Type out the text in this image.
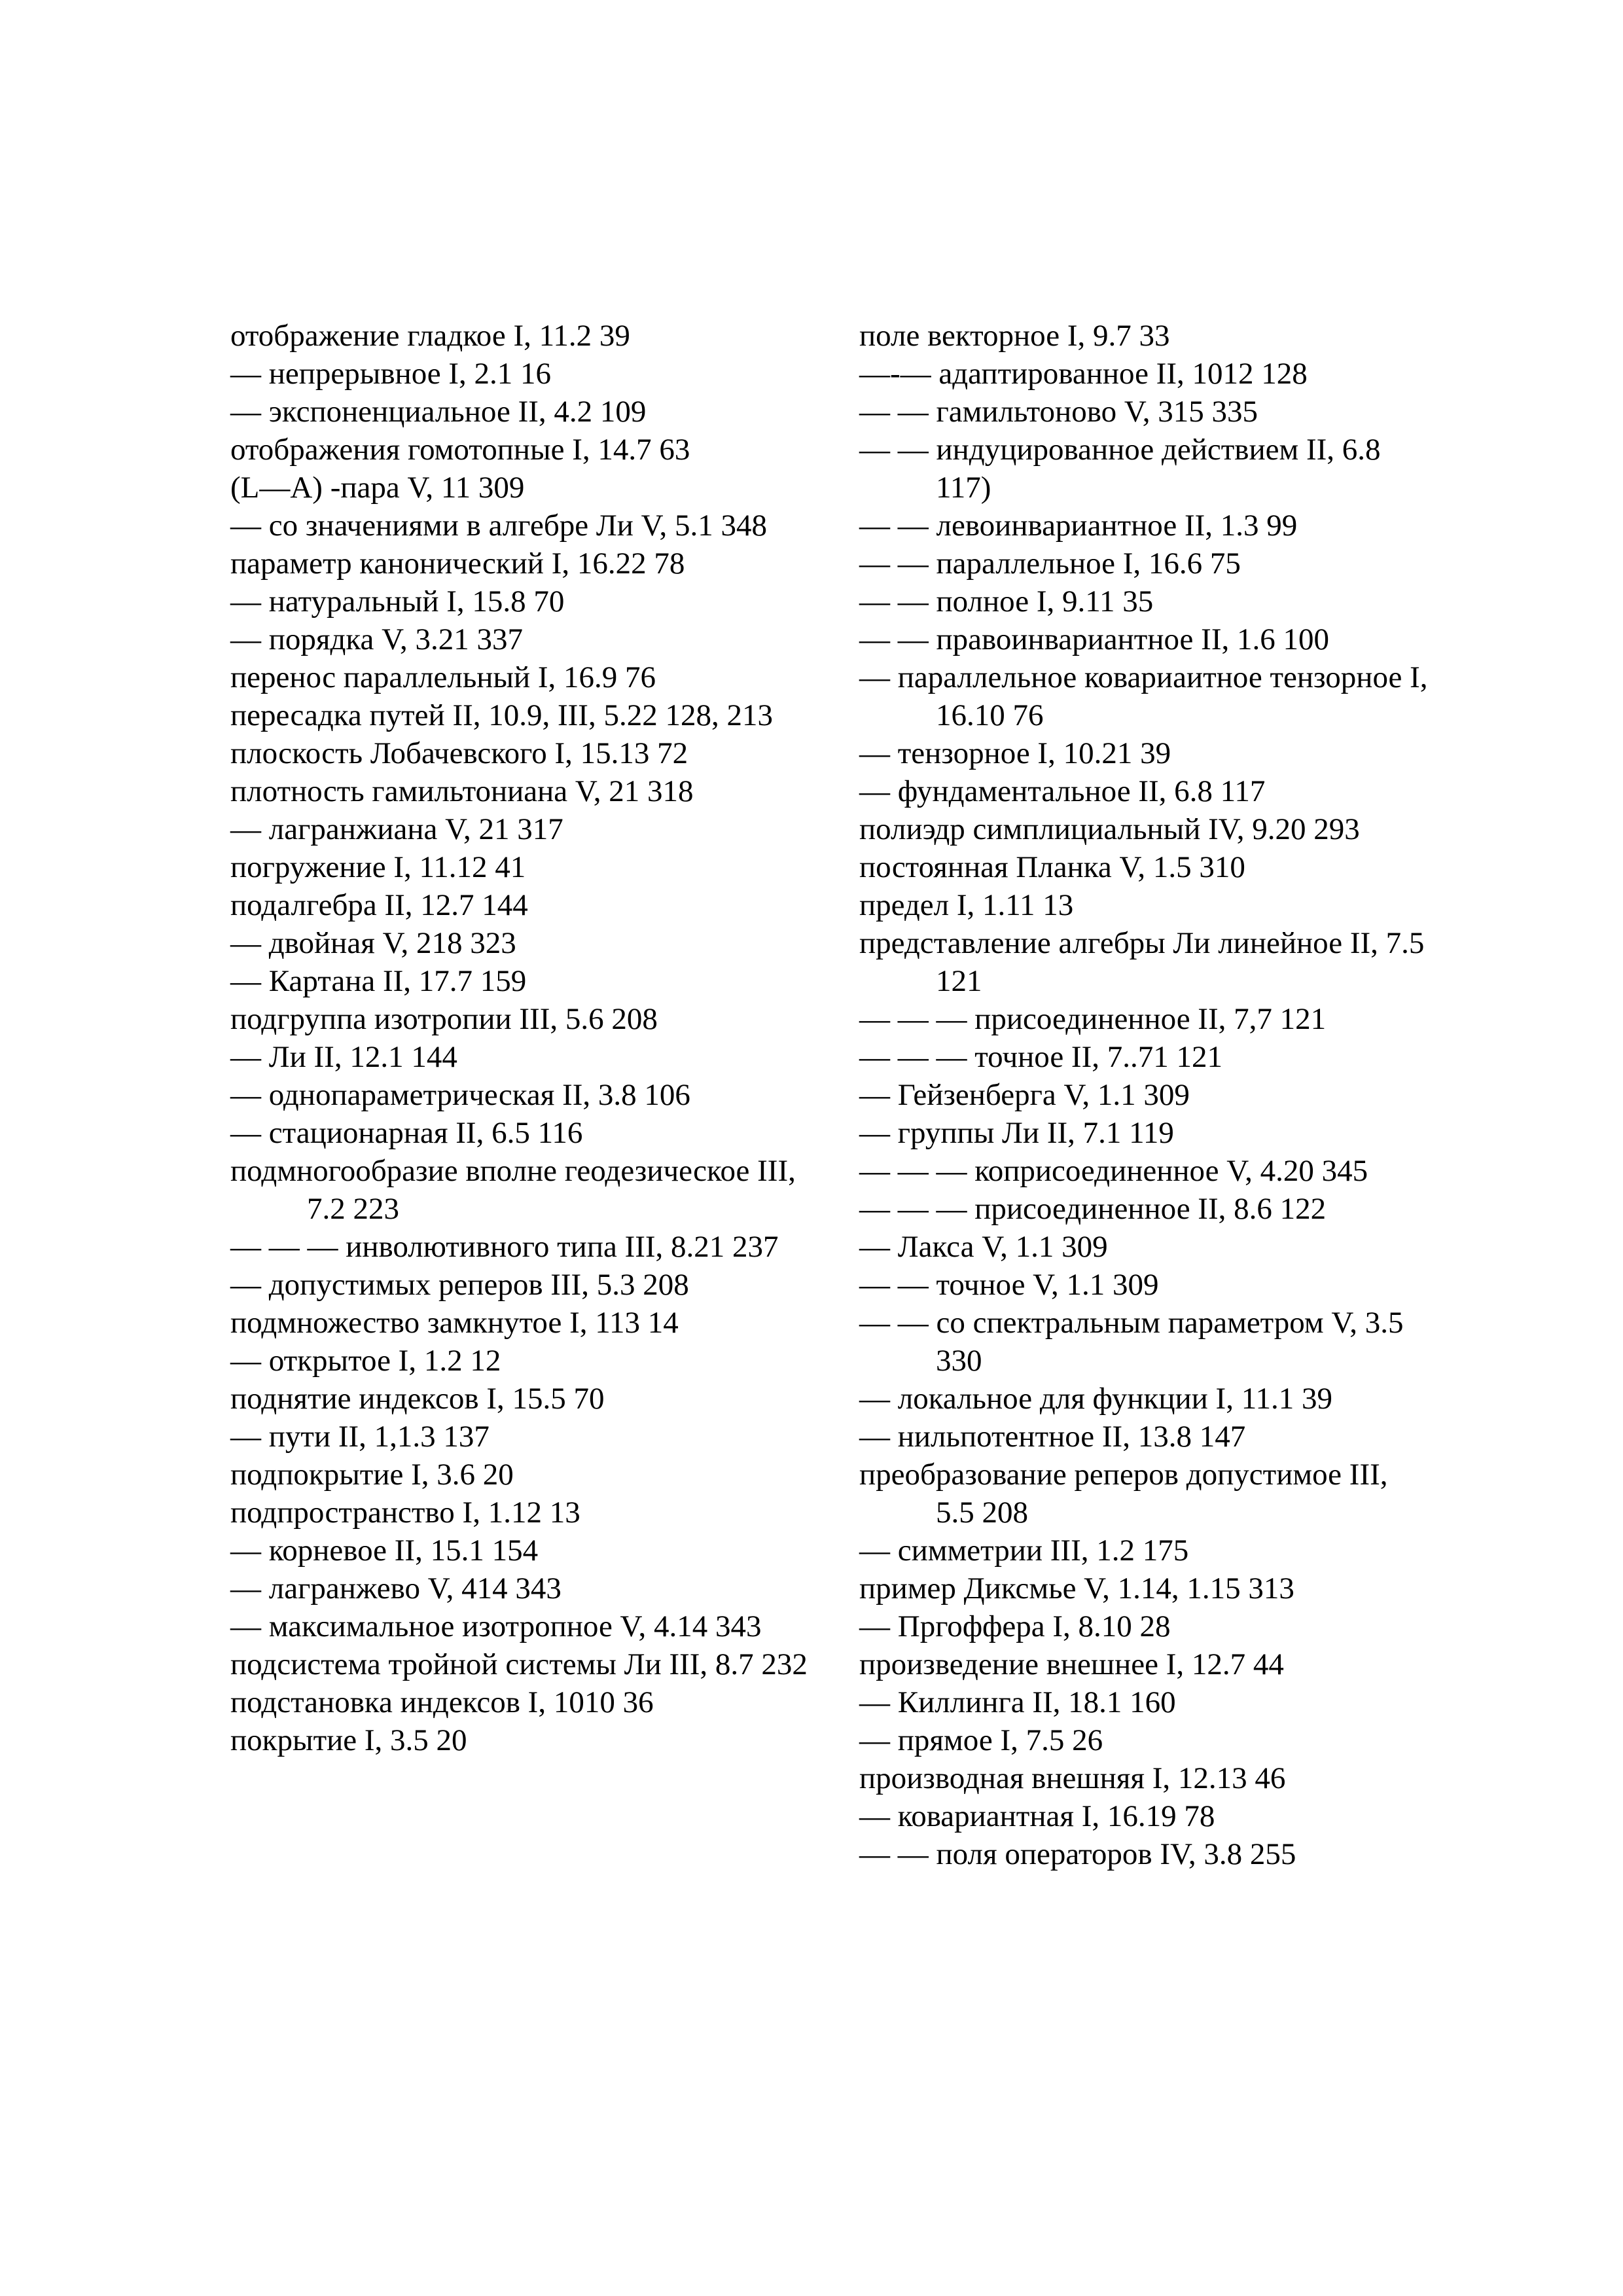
отображение гладкое I, 11.2 39
— непрерывное I, 2.1 16
— экспоненциальное II, 4.2 109
отображения гомотопные I, 14.7 63
(L—A) -пара V, 11 309
— со значениями в алгебре Ли V, 5.1 348
параметр канонический I, 16.22 78
— натуральный I, 15.8 70
— порядка V, 3.21 337
перенос параллельный I, 16.9 76
пересадка путей II, 10.9, III, 5.22 128, 213
плоскость Лобачевского I, 15.13 72
плотность гамильтониана V, 21 318
— лагранжиана V, 21 317
погружение I, 11.12 41
подалгебра II, 12.7 144
— двойная V, 218 323
— Картана II, 17.7 159
подгруппа изотропии III, 5.6 208
— Ли II, 12.1 144
— однопараметрическая II, 3.8 106
— стационарная II, 6.5 116
подмногообразие вполне геодезическое III, 7.2 223
— — — инволютивного типа III, 8.21 237
— допустимых реперов III, 5.3 208
подмножество замкнутое I, 113 14
— открытое I, 1.2 12
поднятие индексов I, 15.5 70
— пути II, 1,1.3 137
подпокрытие I, 3.6 20
подпространство I, 1.12 13
— корневое II, 15.1 154
— лагранжево V, 414 343
— максимальное изотропное V, 4.14 343
подсистема тройной системы Ли III, 8.7 232
подстановка индексов I, 1010 36
покрытие I, 3.5 20
поле векторное I, 9.7 33
—-— адаптированное II, 1012 128
— — гамильтоново V, 315 335
— — индуцированное действием II, 6.8 117)
— — левоинвариантное II, 1.3 99
— — параллельное I, 16.6 75
— — полное I, 9.11 35
— — правоинвариантное II, 1.6 100
— параллельное ковариаитное тензорное I, 16.10 76
— тензорное I, 10.21 39
— фундаментальное II, 6.8 117
полиэдр симплициальный IV, 9.20 293
постоянная Планка V, 1.5 310
предел I, 1.11 13
представление алгебры Ли линейное II, 7.5 121
— — — присоединенное II, 7,7 121
— — — точное II, 7..71 121
— Гейзенберга V, 1.1 309
— группы Ли II, 7.1 119
— — — коприсоединенное V, 4.20 345
— — — присоединенное II, 8.6 122
— Лакса V, 1.1 309
— — точное V, 1.1 309
— — со спектральным параметром V, 3.5 330
— локальное для функции I, 11.1 39
— нильпотентное II, 13.8 147
преобразование реперов допустимое III, 5.5 208
— симметрии III, 1.2 175
пример Диксмье V, 1.14, 1.15 313
— Пргоффера I, 8.10 28
произведение внешнее I, 12.7 44
— Киллинга II, 18.1 160
— прямое I, 7.5 26
производная внешняя I, 12.13 46
— ковариантная I, 16.19 78
— — поля операторов IV, 3.8 255
